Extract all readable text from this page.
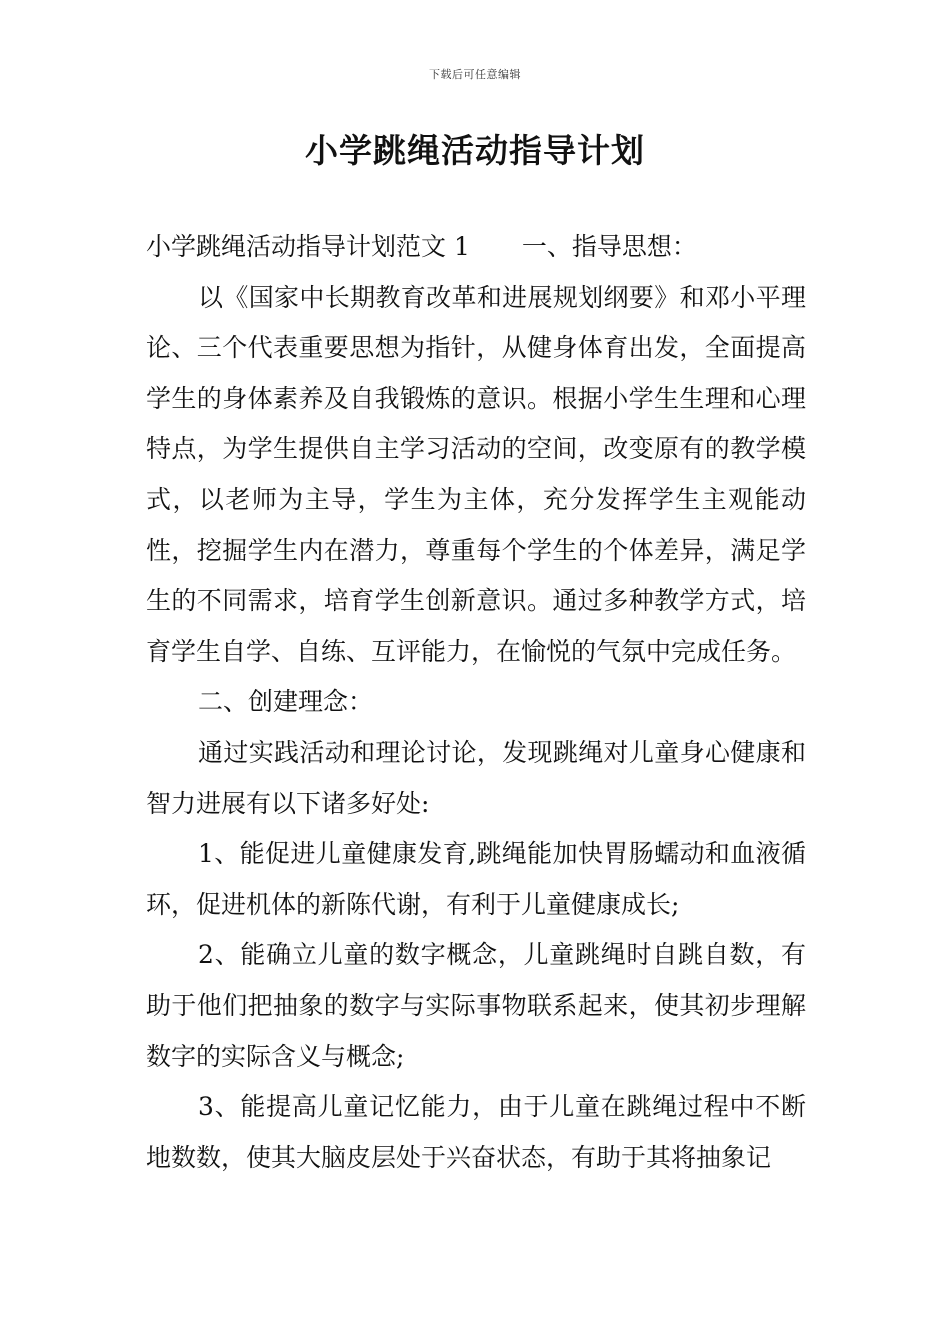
下载后可任意编辑
小学跳绳活动指导计划

小学跳绳活动指导计划范文 1 一、指导思想：

以《国家中长期教育改革和进展规划纲要》和邓小平理论、三个代表重要思想为指针，从健身体育出发，全面提高学生的身体素养及自我锻炼的意识。根据小学生生理和心理特点，为学生提供自主学习活动的空间，改变原有的教学模式，以老师为主导，学生为主体，充分发挥学生主观能动性，挖掘学生内在潜力，尊重每个学生的个体差异，满足学生的不同需求，培育学生创新意识。通过多种教学方式，培育学生自学、自练、互评能力，在愉悦的气氛中完成任务。

二、创建理念：

通过实践活动和理论讨论，发现跳绳对儿童身心健康和智力进展有以下诸多好处:

1、能促进儿童健康发育,跳绳能加快胃肠蠕动和血液循环，促进机体的新陈代谢，有利于儿童健康成长;

2、能确立儿童的数字概念，儿童跳绳时自跳自数，有助于他们把抽象的数字与实际事物联系起来，使其初步理解数字的实际含义与概念;

3、能提高儿童记忆能力，由于儿童在跳绳过程中不断地数数，使其大脑皮层处于兴奋状态，有助于其将抽象记
